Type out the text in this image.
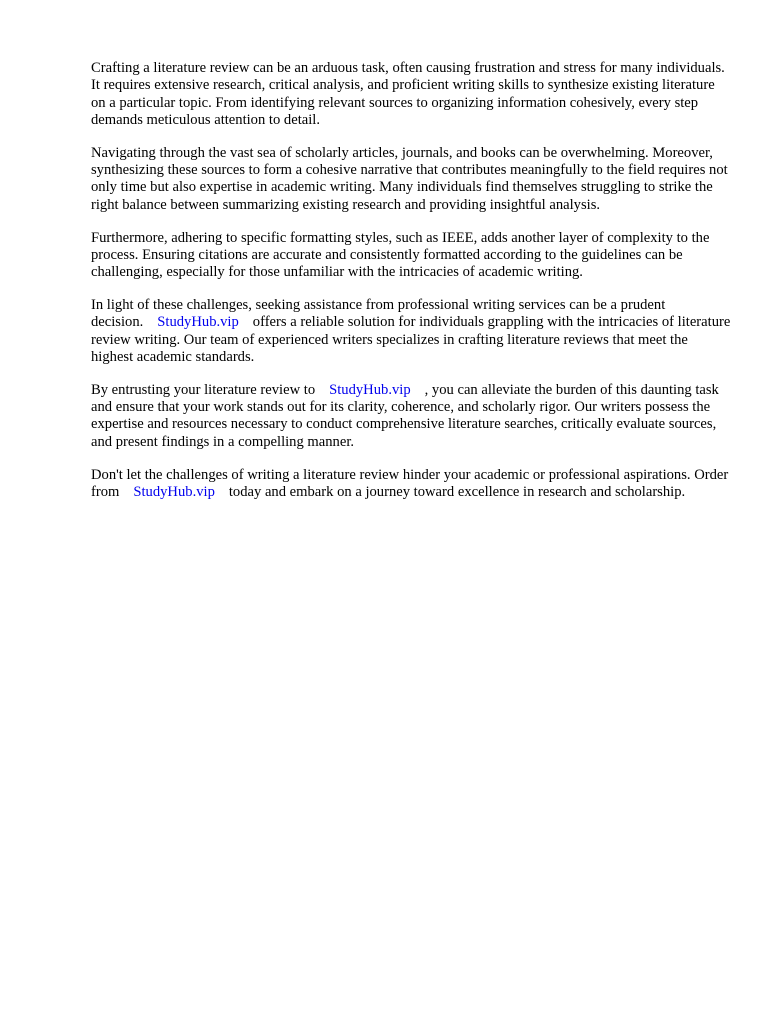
Crafting a literature review can be an arduous task, often causing frustration and stress for many individuals. It requires extensive research, critical analysis, and proficient writing skills to synthesize existing literature on a particular topic. From identifying relevant sources to organizing information cohesively, every step demands meticulous attention to detail.

Navigating through the vast sea of scholarly articles, journals, and books can be overwhelming. Moreover, synthesizing these sources to form a cohesive narrative that contributes meaningfully to the field requires not only time but also expertise in academic writing. Many individuals find themselves struggling to strike the right balance between summarizing existing research and providing insightful analysis.

Furthermore, adhering to specific formatting styles, such as IEEE, adds another layer of complexity to the process. Ensuring citations are accurate and consistently formatted according to the guidelines can be challenging, especially for those unfamiliar with the intricacies of academic writing.

In light of these challenges, seeking assistance from professional writing services can be a prudent decision. StudyHub.vip offers a reliable solution for individuals grappling with the intricacies of literature review writing. Our team of experienced writers specializes in crafting literature reviews that meet the highest academic standards.

By entrusting your literature review to StudyHub.vip , you can alleviate the burden of this daunting task and ensure that your work stands out for its clarity, coherence, and scholarly rigor. Our writers possess the expertise and resources necessary to conduct comprehensive literature searches, critically evaluate sources, and present findings in a compelling manner.

Don't let the challenges of writing a literature review hinder your academic or professional aspirations. Order from StudyHub.vip today and embark on a journey toward excellence in research and scholarship.
